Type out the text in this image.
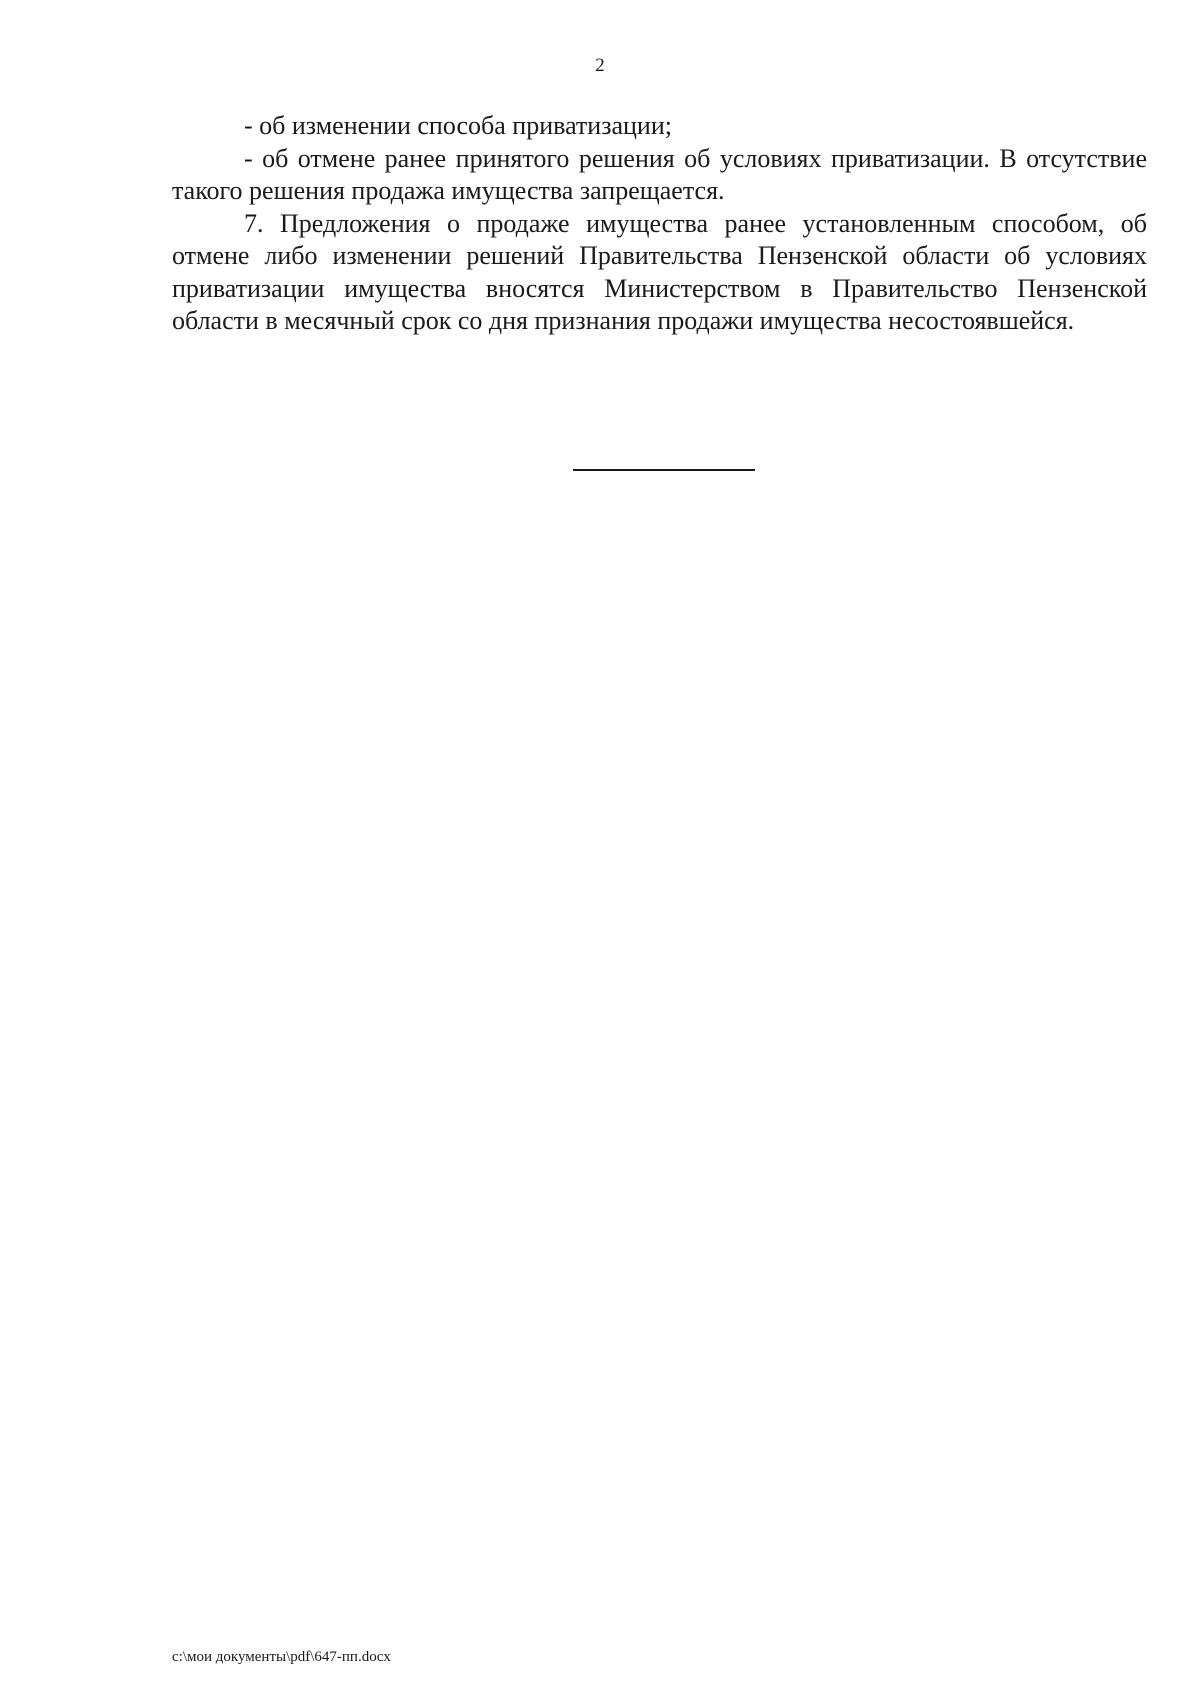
2

- об изменении способа приватизации;

- об отмене ранее принятого решения об условиях приватизации. В отсутствие такого решения продажа имущества запрещается.

7. Предложения о продаже имущества ранее установленным способом, об отмене либо изменении решений Правительства Пензенской области об условиях приватизации имущества вносятся Министерством в Правительство Пензенской области в месячный срок со дня признания продажи имущества несостоявшейся.

c:\мои документы\pdf\647-пп.docx
